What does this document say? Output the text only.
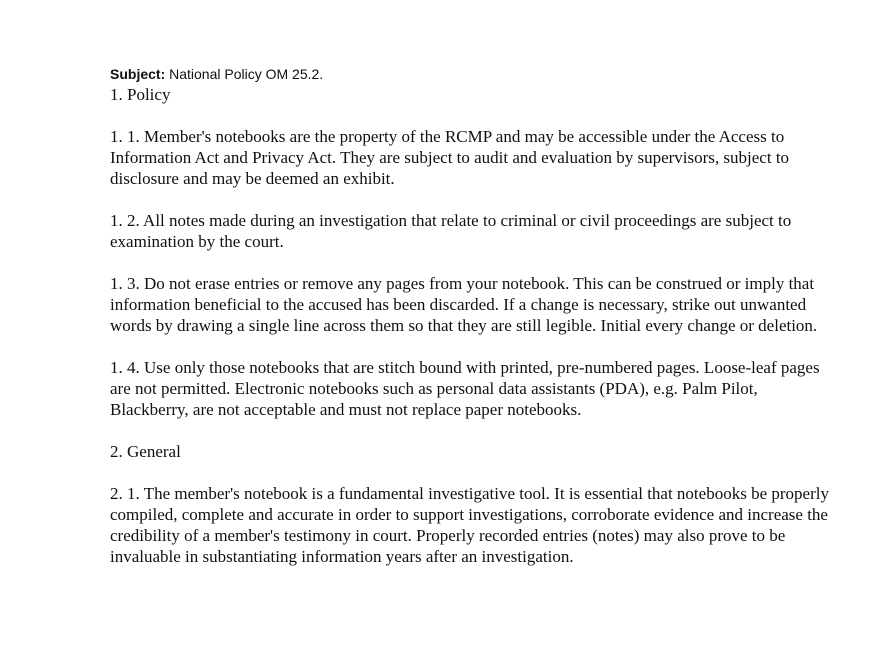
Subject: National Policy OM 25.2.

1. Policy

1. 1. Member's notebooks are the property of the RCMP and may be accessible under the Access to Information Act and Privacy Act. They are subject to audit and evaluation by supervisors, subject to disclosure and may be deemed an exhibit.

1. 2. All notes made during an investigation that relate to criminal or civil proceedings are subject to examination by the court.

1. 3. Do not erase entries or remove any pages from your notebook. This can be construed or imply that information beneficial to the accused has been discarded. If a change is necessary, strike out unwanted words by drawing a single line across them so that they are still legible. Initial every change or deletion.

1. 4. Use only those notebooks that are stitch bound with printed, pre-numbered pages. Loose-leaf pages are not permitted. Electronic notebooks such as personal data assistants (PDA), e.g. Palm Pilot, Blackberry, are not acceptable and must not replace paper notebooks.

2. General

2. 1. The member's notebook is a fundamental investigative tool. It is essential that notebooks be properly compiled, complete and accurate in order to support investigations, corroborate evidence and increase the credibility of a member's testimony in court. Properly recorded entries (notes) may also prove to be invaluable in substantiating information years after an investigation.
